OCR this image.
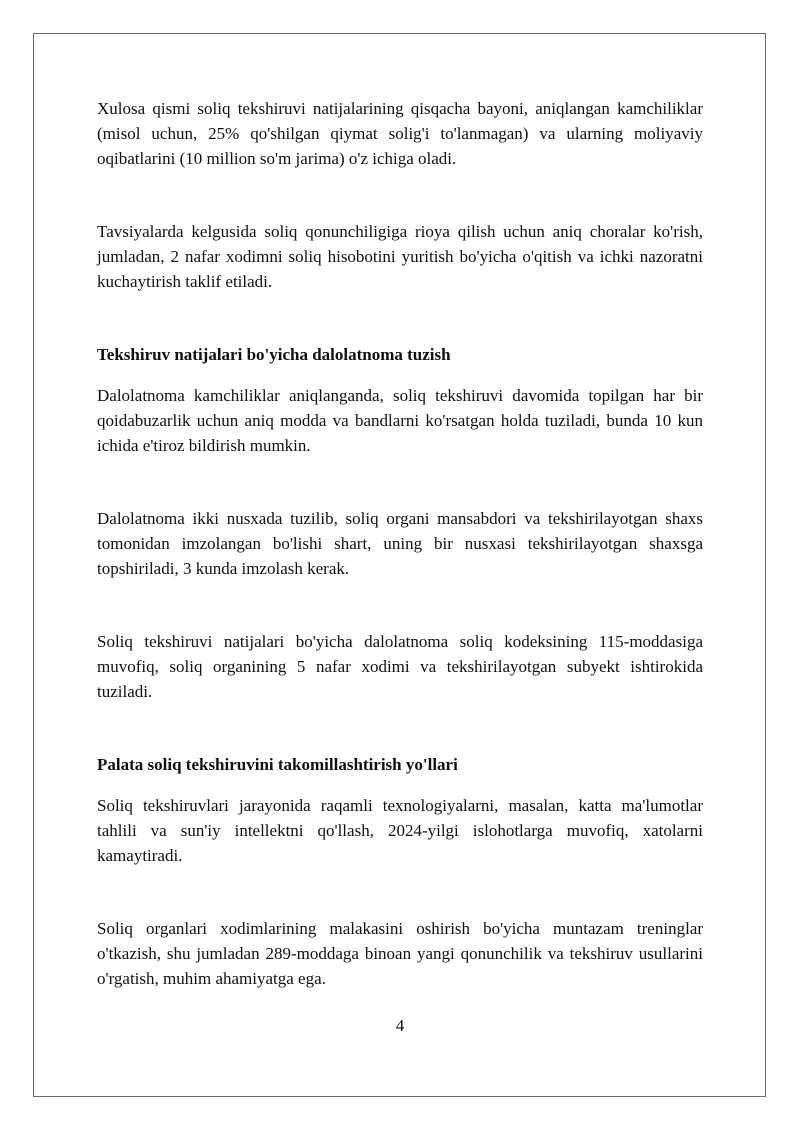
Xulosa qismi soliq tekshiruvi natijalarining qisqacha bayoni, aniqlangan kamchiliklar (misol uchun, 25% qo'shilgan qiymat solig'i to'lanmagan) va ularning moliyaviy oqibatlarini (10 million so'm jarima) o'z ichiga oladi.

Tavsiyalarda kelgusida soliq qonunchiligiga rioya qilish uchun aniq choralar ko'rish, jumladan, 2 nafar xodimni soliq hisobotini yuritish bo'yicha o'qitish va ichki nazoratni kuchaytirish taklif etiladi.

Tekshiruv natijalari bo'yicha dalolatnoma tuzish

Dalolatnoma kamchiliklar aniqlanganda, soliq tekshiruvi davomida topilgan har bir qoidabuzarlik uchun aniq modda va bandlarni ko'rsatgan holda tuziladi, bunda 10 kun ichida e'tiroz bildirish mumkin.

Dalolatnoma ikki nusxada tuzilib, soliq organi mansabdori va tekshirilayotgan shaxs tomonidan imzolangan bo'lishi shart, uning bir nusxasi tekshirilayotgan shaxsga topshiriladi, 3 kunda imzolash kerak.

Soliq tekshiruvi natijalari bo'yicha dalolatnoma soliq kodeksining 115-moddasiga muvofiq, soliq organining 5 nafar xodimi va tekshirilayotgan subyekt ishtirokida tuziladi.

Palata soliq tekshiruvini takomillashtirish yo'llari

Soliq tekshiruvlari jarayonida raqamli texnologiyalarni, masalan, katta ma'lumotlar tahlili va sun'iy intellektni qo'llash, 2024-yilgi islohotlarga muvofiq, xatolarni kamaytiradi.

Soliq organlari xodimlarining malakasini oshirish bo'yicha muntazam treninglar o'tkazish, shu jumladan 289-moddaga binoan yangi qonunchilik va tekshiruv usullarini o'rgatish, muhim ahamiyatga ega.

4
